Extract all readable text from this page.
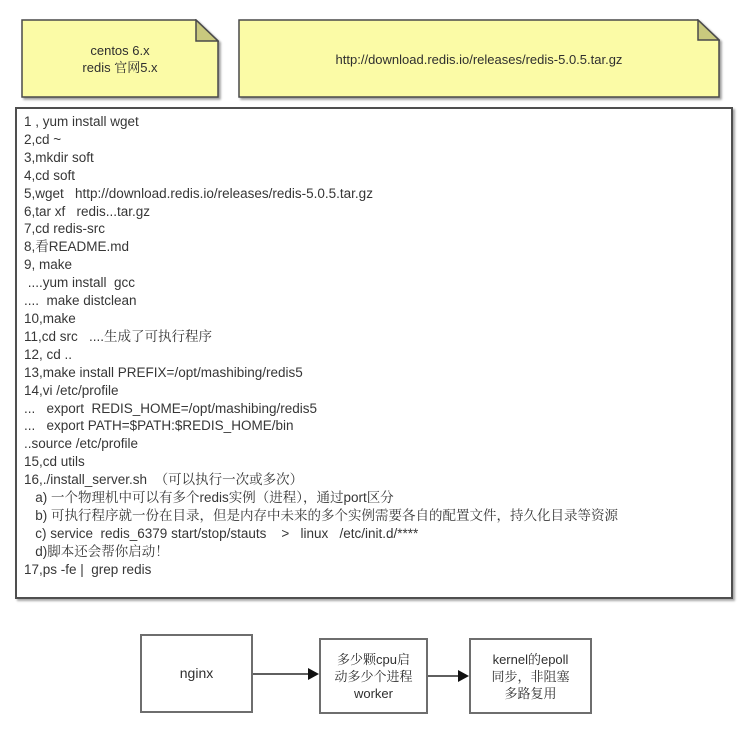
centos 6.x
redis 官网5.x
http://download.redis.io/releases/redis-5.0.5.tar.gz
1 , yum install wget
2,cd ~
3,mkdir soft
4,cd soft
5,wget   http://download.redis.io/releases/redis-5.0.5.tar.gz
6,tar xf   redis...tar.gz
7,cd redis-src
8,看README.md
9, make
....yum install  gcc
....  make distclean
10,make
11,cd src   ....生成了可执行程序
12, cd ..
13,make install PREFIX=/opt/mashibing/redis5
14,vi /etc/profile
...   export  REDIS_HOME=/opt/mashibing/redis5
...   export PATH=$PATH:$REDIS_HOME/bin
..source /etc/profile
15,cd utils
16,./install_server.sh  （可以执行一次或多次）
a) 一个物理机中可以有多个redis实例（进程），通过port区分
b) 可执行程序就一份在目录，但是内存中未来的多个实例需要各自的配置文件，持久化目录等资源
c) service  redis_6379 start/stop/stauts    >   linux   /etc/init.d/****
d)脚本还会帮你启动！
17,ps -fe |  grep redis
nginx
多少颗cpu启
动多少个进程
worker
kernel的epoll
同步，非阻塞
多路复用
